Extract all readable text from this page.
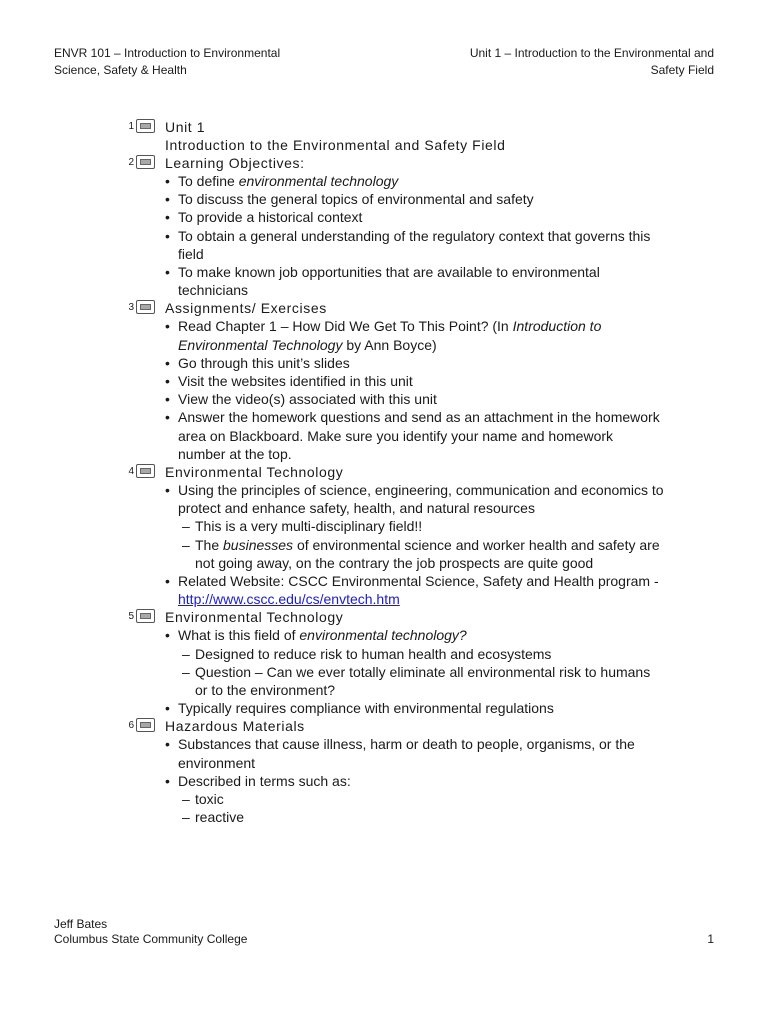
ENVR 101 – Introduction to Environmental
Science, Safety & Health
Unit 1 – Introduction to the Environmental and
Safety Field
1 Unit 1
Introduction to the Environmental and Safety Field
2 Learning Objectives:
• To define environmental technology
• To discuss the general topics of environmental and safety
• To provide a historical context
• To obtain a general understanding of the regulatory context that governs this field
• To make known job opportunities that are available to environmental technicians
3 Assignments/ Exercises
• Read Chapter 1 – How Did We Get To This Point? (In Introduction to Environmental Technology by Ann Boyce)
• Go through this unit’s slides
• Visit the websites identified in this unit
• View the video(s) associated with this unit
• Answer the homework questions and send as an attachment in the homework area on Blackboard. Make sure you identify your name and homework number at the top.
4 Environmental Technology
• Using the principles of science, engineering, communication and economics to protect and enhance safety, health, and natural resources
– This is a very multi-disciplinary field!!
– The businesses of environmental science and worker health and safety are not going away, on the contrary the job prospects are quite good
• Related Website: CSCC Environmental Science, Safety and Health program - http://www.cscc.edu/cs/envtech.htm
5 Environmental Technology
• What is this field of environmental technology?
– Designed to reduce risk to human health and ecosystems
– Question – Can we ever totally eliminate all environmental risk to humans or to the environment?
• Typically requires compliance with environmental regulations
6 Hazardous Materials
• Substances that cause illness, harm or death to people, organisms, or the environment
• Described in terms such as:
– toxic
– reactive
Jeff Bates
Columbus State Community College	1
